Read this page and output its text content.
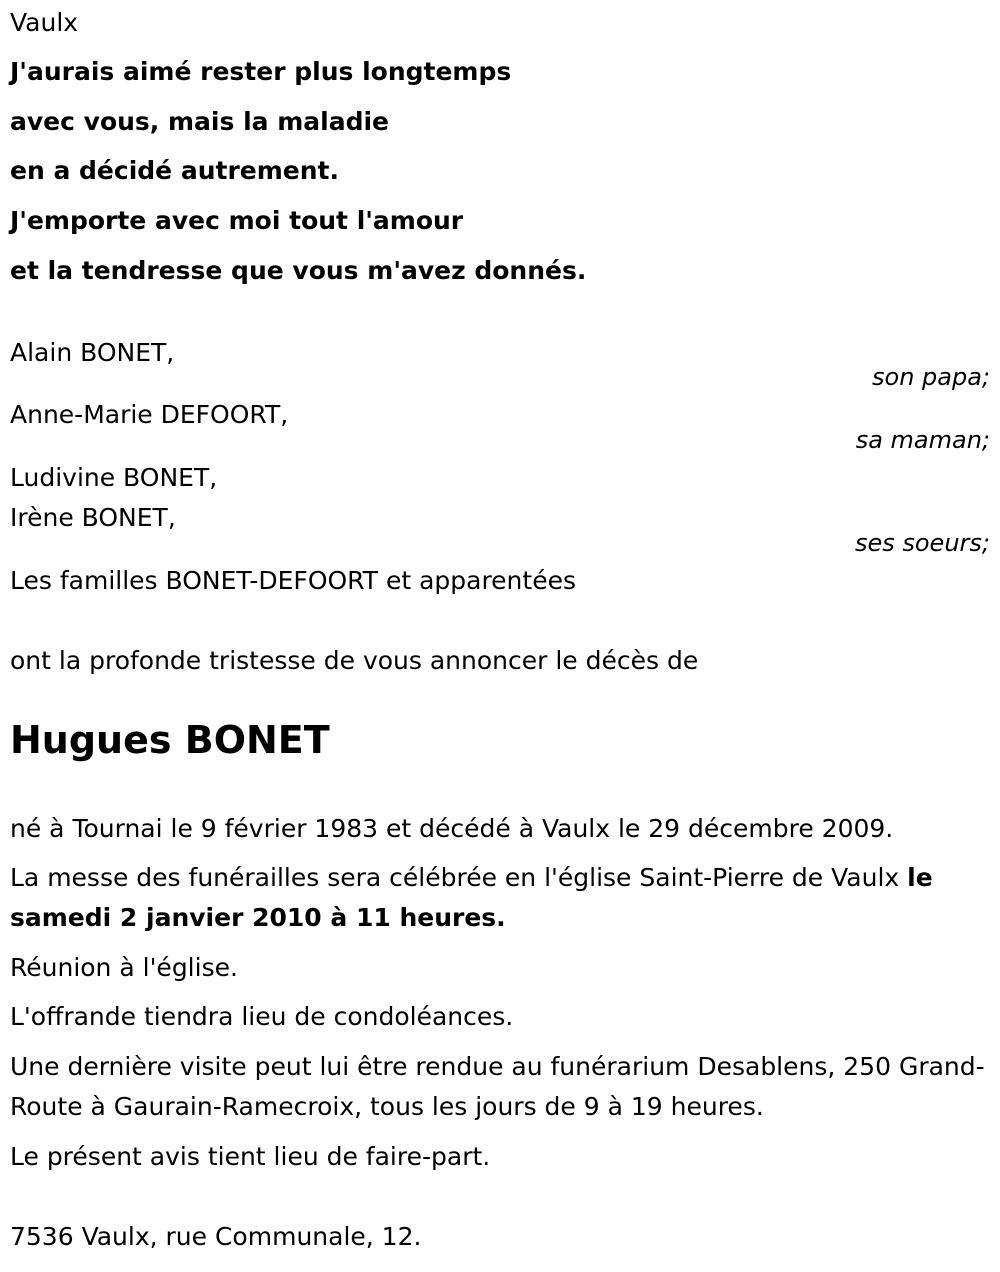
Vaulx

J'aurais aimé rester plus longtemps

avec vous, mais la maladie

en a décidé autrement.

J'emporte avec moi tout l'amour

et la tendresse que vous m'avez donnés.

Alain BONET,

son papa;

Anne-Marie DEFOORT,

sa maman;

Ludivine BONET,

Irène BONET,

ses soeurs;

Les familles BONET-DEFOORT et apparentées

ont la profonde tristesse de vous annoncer le décès de

Hugues BONET

né à Tournai le 9 février 1983 et décédé à Vaulx le 29 décembre 2009.

La messe des funérailles sera célébrée en l'église Saint-Pierre de Vaulx le samedi 2 janvier 2010 à 11 heures.

Réunion à l'église.

L'offrande tiendra lieu de condoléances.

Une dernière visite peut lui être rendue au funérarium Desablens, 250 Grand-Route à Gaurain-Ramecroix, tous les jours de 9 à 19 heures.

Le présent avis tient lieu de faire-part.

7536 Vaulx, rue Communale, 12.
